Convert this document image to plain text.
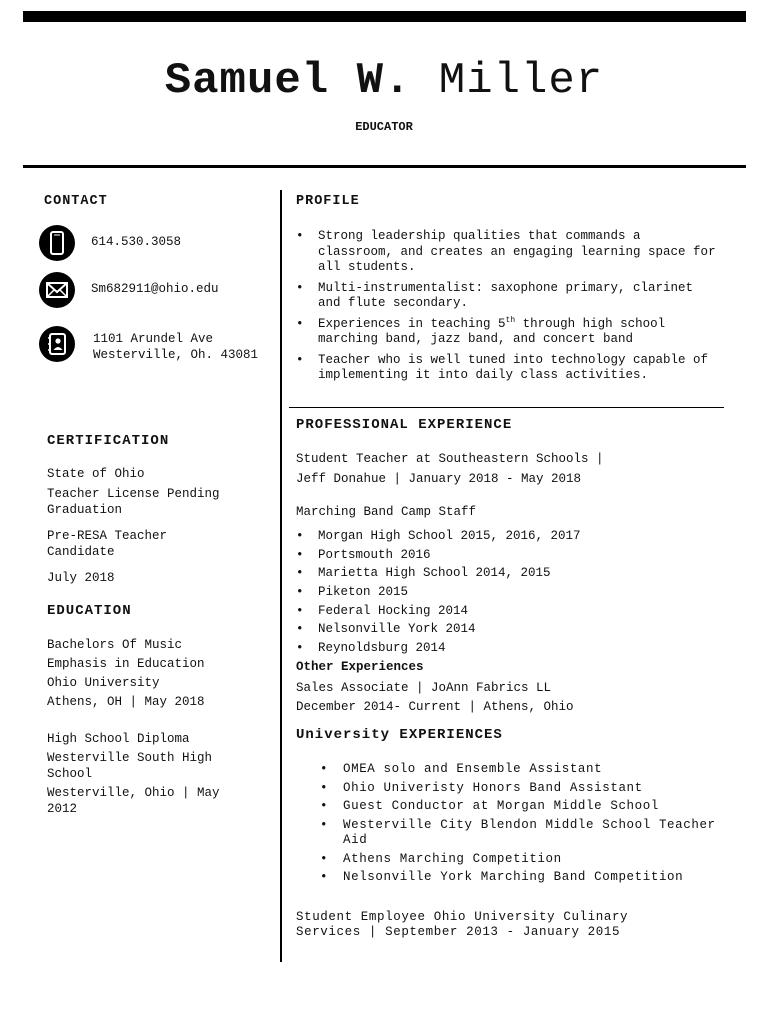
Samuel W. Miller
EDUCATOR
CONTACT
614.530.3058
Sm682911@ohio.edu
1101 Arundel Ave
Westerville, Oh. 43081
CERTIFICATION

State of Ohio

Teacher License Pending Graduation

Pre-RESA Teacher Candidate

July 2018

EDUCATION

Bachelors Of Music

Emphasis in Education

Ohio University

Athens, OH | May 2018

High School Diploma

Westerville South High School

Westerville, Ohio | May 2012

PROFILE
• Strong leadership qualities that commands a classroom, and creates an engaging learning space for all students.
• Multi-instrumentalist: saxophone primary, clarinet and flute secondary.
• Experiences in teaching 5th through high school marching band, jazz band, and concert band
• Teacher who is well tuned into technology capable of implementing it into daily class activities.
PROFESSIONAL EXPERIENCE
Student Teacher at Southeastern Schools |
Jeff Donahue | January 2018 - May 2018
Marching Band Camp Staff
• Morgan High School 2015, 2016, 2017
• Portsmouth 2016
• Marietta High School 2014, 2015
• Piketon 2015
• Federal Hocking 2014
• Nelsonville York 2014
• Reynoldsburg 2014
Other Experiences
Sales Associate | JoAnn Fabrics LL
December 2014- Current | Athens, Ohio
University EXPERIENCES
• OMEA solo and Ensemble Assistant
• Ohio Univeristy Honors Band Assistant
• Guest Conductor at Morgan Middle School
• Westerville City Blendon Middle School Teacher Aid
• Athens Marching Competition
• Nelsonville York Marching Band Competition
Student Employee Ohio University Culinary
Services | September 2013 - January 2015
